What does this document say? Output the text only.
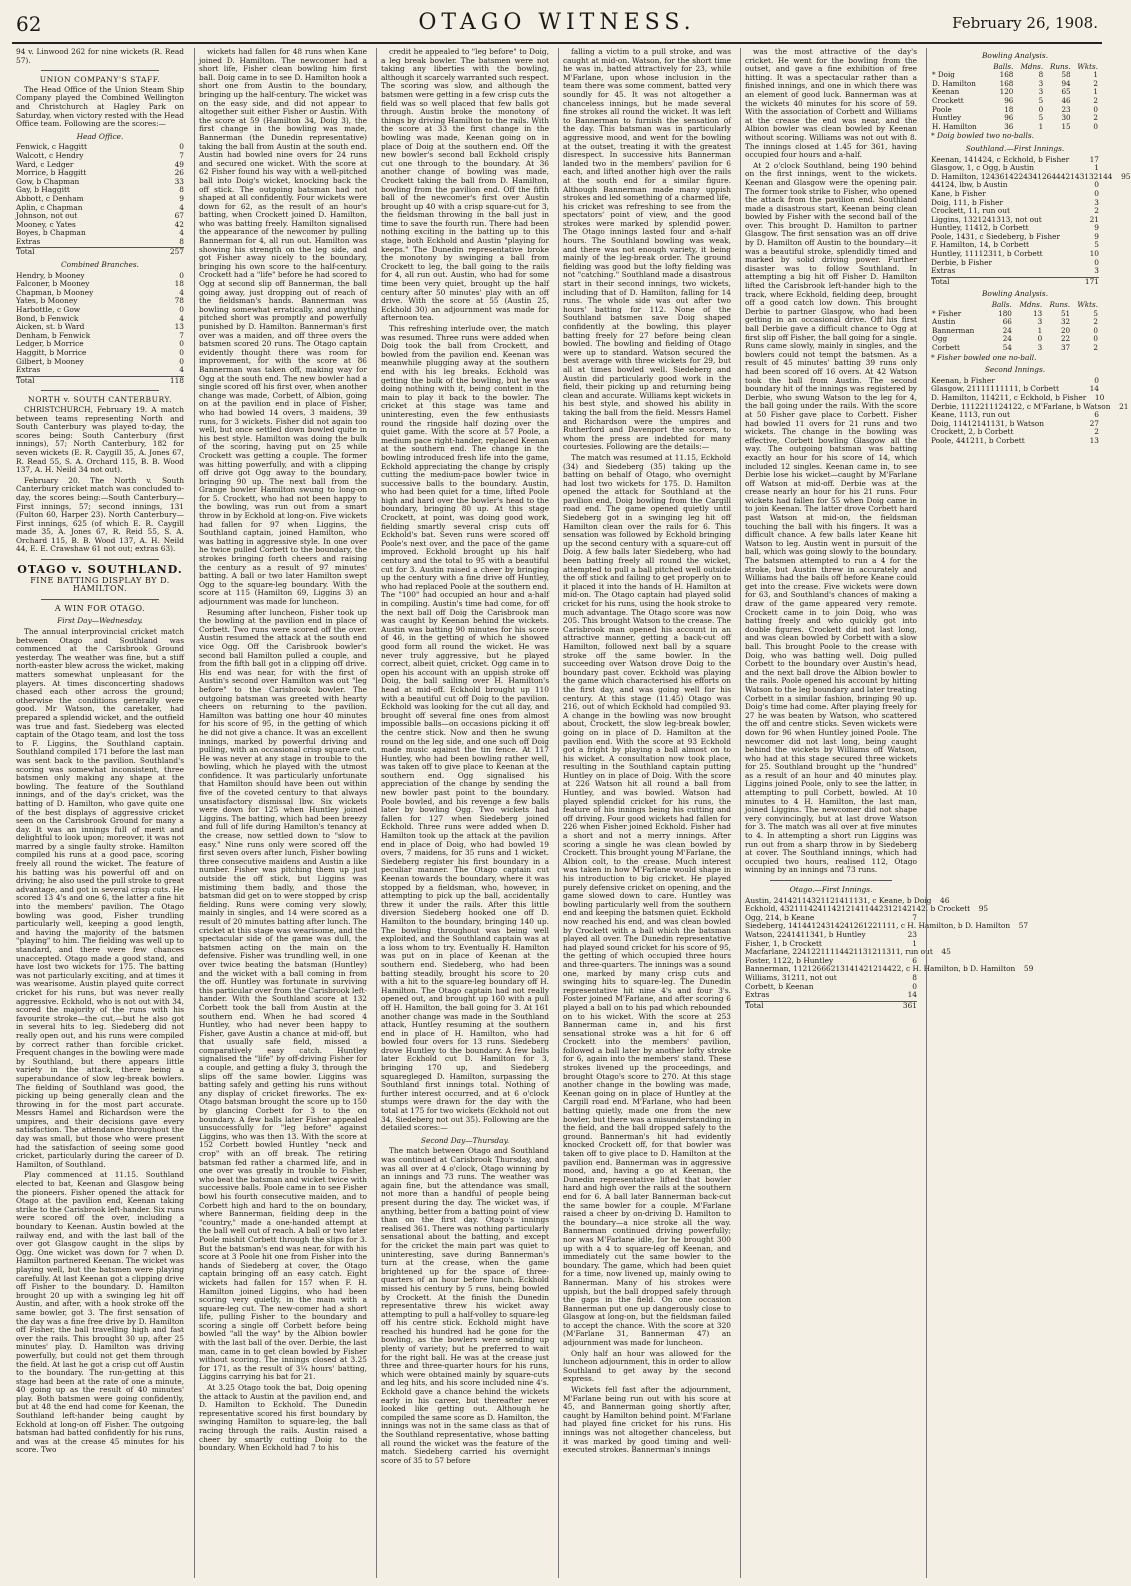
62	OTAGO WITNESS.	February 26, 1908.

94 v. Linwood 262 for nine wickets (R. Read 57).

UNION COMPANY'S STAFF.

The Head Office of the Union Steam Ship Company played the Combined Wellington and Christchurch at Hagley Park on Saturday, when victory rested with the Head Office team. Following are the scores:—

Head Office.
Fenwick, c Haggitt	0
Walcott, c Hendry	7
Ward, c Ledger	49
Morrice, b Haggitt	26
Gow, b Chapman	33
Gay, b Haggitt	8
Abbott, c Denham	9
Aplin, c Chapman	4
Johnson, not out	67
Mooney, c Yates	42
Boyes, b Chapman	4
Extras	8
Total	257
Combined Branches.
Hendry, b Mooney	0
Falconer, b Mooney	18
Chapman, b Mooney	4
Yates, b Mooney	78
Harbottle, c Gow	0
Bond, b Fenwick	4
Aicken, st. b Ward	13
Denham, b Fenwick	7
Ledger, b Morrice	0
Haggitt, b Morrice	0
Gilbert, b Mooney	0
Extras	4
Total	118
NORTH v. SOUTH CANTERBURY.

CHRISTCHURCH, February 19. A match between teams representing North and South Canterbury was played to-day, the scores being: South Canterbury (first innings), 57; North Canterbury, 182 for seven wickets (E. R. Caygill 35, A. Jones 67, R. Read 55, S. A. Orchard 115, B. B. Wood 137, A. H. Neild 34 not out).

February 20. The North v. South Canterbury cricket match was concluded to-day, the scores being:—South Canterbury—First innings, 57; second innings, 131 (Fulton 60, Harper 23). North Canterbury—First innings, 625 (of which E. R. Caygill made 35, A. Jones 67, R. Reid 55, S. A. Orchard 115, B. B. Wood 137, A. H. Neild 44, E. E. Crawshaw 61 not out; extras 63).

OTAGO v. SOUTHLAND.
FINE BATTING DISPLAY BY D. HAMILTON.
A WIN FOR OTAGO.
First Day—Wednesday.

The annual interprovincial cricket match between Otago and Southland was commenced at the Carisbrook Ground yesterday. The weather was fine, but a stiff north-easter blew across the wicket, making matters somewhat unpleasant for the players. At times disconcerting shadows chased each other across the ground; otherwise the conditions generally were good. Mr Watson, the caretaker, had prepared a splendid wicket, and the outfield was true and fast. Siedeberg was elected captain of the Otago team, and lost the toss to F. Liggins, the Southland captain. Southland compiled 171 before the last man was sent back to the pavilion. Southland's scoring was somewhat inconsistent, three batsmen only making any shape at the bowling. The feature of the Southland innings, and of the day's cricket, was the batting of D. Hamilton, who gave quite one of the best displays of aggressive cricket seen on the Carisbrook Ground for many a day. It was an innings full of merit and delightful to look upon; moreover, it was not marred by a single faulty stroke. Hamilton compiled his runs at a good pace, scoring freely all round the wicket. The feature of his batting was his powerful off and on driving; he also used the pull stroke to great advantage, and got in several crisp cuts. He scored 13 4's and one 6, the latter a fine hit into the members' pavilion. The Otago bowling was good, Fisher trundling particularly well, keeping a good length, and having the majority of the batsmen "playing" to him. The fielding was well up to standard, and there were few chances unaccepted. Otago made a good stand, and have lost two wickets for 175. The batting was not particularly exciting, and at times it was wearisome. Austin played quite correct cricket for his runs, but was never really aggressive. Eckhold, who is not out with 34, scored the majority of the runs with his favourite stroke—the cut,—but he also got in several hits to leg. Siedeberg did not really open out, and his runs were compiled by correct rather than forcible cricket. Frequent changes in the bowling were made by Southland, but there appears little variety in the attack, there being a superabundance of slow leg-break bowlers. The fielding of Southland was good, the picking up being generally clean and the throwing in for the most part accurate. Messrs Hamel and Richardson were the umpires, and their decisions gave every satisfaction. The attendance throughout the day was small, but those who were present had the satisfaction of seeing some good cricket, particularly during the career of D. Hamilton, of Southland.

Play commenced at 11.15. Southland elected to bat, Keenan and Glasgow being the pioneers. Fisher opened the attack for Otago at the pavilion end, Keenan taking strike to the Carisbrook left-hander. Six runs were scored off the over, including a boundary to Keenan. Austin bowled at the railway end, and with the last ball of the over got Glasgow caught in the slips by Ogg. One wicket was down for 7 when D. Hamilton partnered Keenan. The wicket was playing well, but the batsmen were playing carefully. At last Keenan got a clipping drive off Fisher to the boundary. D. Hamilton brought 20 up with a swinging leg hit off Austin, and after, with a hook stroke off the same bowler, got 3. The first sensation of the day was a fine free drive by D. Hamilton off Fisher, the ball travelling high and fast over the rails. This brought 30 up, after 25 minutes' play. D. Hamilton was driving powerfully, but could not get them through the field. At last he got a crisp cut off Austin to the boundary. The run-getting at this stage had been at the rate of one a minute, 40 going up as the result of 40 minutes' play. Both batsmen were going confidently, but at 48 the end had come for Keenan, the Southland left-hander being caught by Eckhold at long-on off Fisher. The outgoing batsman had batted confidently for his runs, and was at the crease 45 minutes for his score. Two

wickets had fallen for 48 runs when Kane joined D. Hamilton. The newcomer had a short life, Fisher clean bowling him first ball. Doig came in to see D. Hamilton hook a short one from Austin to the boundary, bringing up the half-century. The wicket was on the easy side, and did not appear to altogether suit either Fisher or Austin. With the score at 59 (Hamilton 34, Doig 3), the first change in the bowling was made, Bannerman (the Dunedin representative) taking the ball from Austin at the south end. Austin had bowled nine overs for 24 runs and secured one wicket. With the score at 62 Fisher found his way with a well-pitched ball into Doig's wicket, knocking back the off stick. The outgoing batsman had not shaped at all confidently. Four wickets were down for 62, as the result of an hour's batting, when Crockett joined D. Hamilton, who was batting freely. Hamilton signalised the appearance of the newcomer by pulling Bannerman for 4, all run out. Hamilton was showing his strength on the leg side, and got Fisher away nicely to the boundary, bringing his own score to the half-century. Crockett had a "life" before he had scored to Ogg at second slip off Bannerman, the ball going away, just dropping out of reach of the fieldsman's hands. Bannerman was bowling somewhat erratically, and anything pitched short was promptly and powerfully punished by D. Hamilton. Bannerman's first over was a maiden, and off three overs the batsmen scored 20 runs. The Otago captain evidently thought there was room for improvement, for with the score at 86 Bannerman was taken off, making way for Ogg at the south end. The new bowler had a single scored off his first over, when another change was made, Corbett, of Albion, going on at the pavilion end in place of Fisher, who had bowled 14 overs, 3 maidens, 39 runs, for 3 wickets. Fisher did not again too well, but once settled down bowled quite in his best style. Hamilton was doing the bulk of the scoring, having put on 25 while Crockett was getting a couple. The former was hitting powerfully, and with a clipping off drive got Ogg away to the boundary, bringing 90 up. The next ball from the Grange bowler Hamilton swung to long-on for 5. Crockett, who had not been happy to the bowling, was run out from a smart throw in by Eckhold at long-on. Five wickets had fallen for 97 when Liggins, the Southland captain, joined Hamilton, who was batting in aggressive style. In one over he twice pulled Corbett to the boundary, the strokes bringing forth cheers and raising the century as a result of 97 minutes' batting. A ball or two later Hamilton swept Ogg to the square-leg boundary. With the score at 115 (Hamilton 69, Liggins 3) an adjournment was made for luncheon.

Resuming after luncheon, Fisher took up the bowling at the pavilion end in place of Corbett. Two runs were scored off the over. Austin resumed the attack at the south end vice Ogg. Off the Carisbrook bowler's second ball Hamilton pulled a couple, and from the fifth ball got in a clipping off drive. His end was near, for with the first of Austin's second over Hamilton was out "leg before" to the Carisbrook bowler. The outgoing batsman was greeted with hearty cheers on returning to the pavilion. Hamilton was batting one hour 40 minutes for his score of 95, in the getting of which he did not give a chance. It was an excellent innings, marked by powerful driving and pulling, with an occasional crisp square cut. He was never at any stage in trouble to the bowling, which he played with the utmost confidence. It was particularly unfortunate that Hamilton should have been out within five of the coveted century to that always unsatisfactory dismissal lbw. Six wickets were down for 125 when Huntley joined Liggins. The batting, which had been breezy and full of life during Hamilton's tenancy at the crease, now settled down to "slow to easy." Nine runs only were scored off the first seven overs after lunch, Fisher bowling three consecutive maidens and Austin a like number. Fisher was pitching them up just outside the off stick, but Liggins was mistiming them badly, and those the batsman did get on to were stopped by crisp fielding. Runs were coming very slowly, mainly in singles, and 14 were scored as a result of 20 minutes batting after lunch. The cricket at this stage was wearisome, and the spectacular side of the game was dull, the batsmen acting on the main on the defensive. Fisher was trundling well, in one over twice beating the batsman (Huntley) and the wicket with a ball coming in from the off. Huntley was fortunate in surviving this particular over from the Carisbrook left-hander. With the Southland score at 132 Corbett took the ball from Austin at the southern end. When he had scored 4 Huntley, who had never been happy to Fisher, gave Austin a chance at mid-off, but that usually safe field, missed a comparatively easy catch. Huntley signalised the "life" by off-driving Fisher for a couple, and getting a fluky 3, through the slips off the same bowler. Liggins was batting safely and getting his runs without any display of cricket fireworks. The ex-Otago batsman brought the score up to 150 by glancing Corbett for 3 to the on boundary. A few balls later Fisher appealed unsuccessfully for "leg before" against Liggins, who was then 13. With the score at 152 Corbett bowled Huntley "neck and crop" with an off break. The retiring batsman fed rather a charmed life, and in one over was greatly in trouble to Fisher, who beat the batsman and wicket twice with successive balls. Poole came in to see Fisher bowl his fourth consecutive maiden, and to Corbett high and hard to the on boundary, where Bannerman, fielding deep in the "country," made a one-handed attempt at the ball well out of reach. A ball or two later Poole mishit Corbett through the slips for 3. But the batsman's end was near, for with his score at 3 Poole hit one from Fisher into the hands of Siedeberg at cover, the Otago captain bringing off an easy catch. Eight wickets had fallen for 157 when F. H. Hamilton joined Liggins, who had been scoring very quietly, in the main with a square-leg cut. The new-comer had a short life, pulling Fisher to the boundary and scoring a single off Corbett before being bowled "all the way" by the Albion bowler with the last ball of the over. Derbie, the last man, came in to get clean bowled by Fisher without scoring. The innings closed at 3.25 for 171, as the result of 3¼ hours' batting, Liggins carrying his bat for 21.

At 3.25 Otago took the bat, Doig opening the attack to Austin at the pavilion end, and D. Hamilton to Eckhold. The Dunedin representative scored his first boundary by swinging Hamilton to square-leg, the ball racing through the rails. Austin raised a cheer by smartly cutting Doig to the boundary. When Eckhold had 7 to his

credit he appealed to "leg before" to Doig, a leg break bowler. The batsmen were not taking any liberties with the bowling, although it scarcely warranted such respect. The scoring was slow, and although the batsmen were getting in a few crisp cuts the field was so well placed that few balls got through. Austin broke the monotony of things by driving Hamilton to the rails. With the score at 33 the first change in the bowling was made, Keenan going on in place of Doig at the southern end. Off the new bowler's second ball Eckhold crisply cut one through to the boundary. At 36 another change of bowling was made, Crockett taking the ball from D. Hamilton, bowling from the pavilion end. Off the fifth ball of the newcomer's first over Austin brought up 40 with a crisp square-cut for 3, the fieldsman throwing in the ball just in time to save the fourth run. There had been nothing exciting in the batting up to this stage, both Eckhold and Austin "playing for keeps." The Dunedin representative broke the monotony by swinging a ball from Crockett to leg, the ball going to the rails for 4, all run out. Austin, who had for some time been very quiet, brought up the half century after 50 minutes' play with an off drive. With the score at 55 (Austin 25, Eckhold 30) an adjournment was made for afternoon tea.

This refreshing interlude over, the match was resumed. Three runs were added when Doig took the ball from Crockett, and bowled from the pavilion end. Keenan was meanwhile plugging away at the southern end with his leg breaks. Eckhold was getting the bulk of the bowling, but he was doing nothing with it, being content in the main to play it back to the bowler. The cricket at this stage was tame and uninteresting, even the few enthusiasts round the ringside half dozing over the quiet game. With the score at 57 Poole, a medium pace right-hander, replaced Keenan at the southern end. The change in the bowling introduced fresh life into the game, Eckhold appreciating the change by crisply cutting the medium-pace bowler twice in successive balls to the boundary. Austin, who had been quiet for a time, lifted Poole high and hard over the bowler's head to the boundary, bringing 80 up. At this stage Crockett, at point, was doing good work, fielding smartly several crisp cuts off Eckhold's bat. Seven runs were scored off Poole's next over, and the pace of the game improved. Eckhold brought up his half century and the total to 95 with a beautiful cut for 3. Austin raised a cheer by bringing up the century with a fine drive off Huntley, who had replaced Poole at the southern end. The "100" had occupied an hour and a-half in compiling. Austin's time had come, for off the next ball off Doig the Carisbrook man was caught by Keenan behind the wickets. Austin was batting 90 minutes for his score of 46, in the getting of which he showed good form all round the wicket. He was never truly aggressive, but he played correct, albeit quiet, cricket. Ogg came in to open his account with an uppish stroke off Doig, the ball sailing over H. Hamilton's head at mid-off. Eckhold brought up 110 with a beautiful cut off Doig to the pavilion. Eckhold was looking for the cut all day, and brought off several fine ones from almost impossible balls—on occasions picking it off the centre stick. Now and then he swung round on the leg side, and one such off Doig made music against the tin fence. At 117 Huntley, who had been bowling rather well, was taken off to give place to Keenan at the southern end. Ogg signalised his appreciation of the change by sending the new bowler past point to the boundary. Poole bowled, and his revenge a few balls later by bowling Ogg. Two wickets had fallen for 127 when Siedeberg joined Eckhold. Three runs were added when D. Hamilton took up the attack at the pavilion end in place of Doig, who had bowled 19 overs, 7 maidens, for 35 runs and 1 wicket. Siedeberg register his first boundary in a peculiar manner. The Otago captain cut Keenan towards the boundary, where it was stopped by a fieldsman, who, however, in attempting to pick up the ball, accidentally threw it under the rails. After this little diversion Siedeberg hooked one off D. Hamilton to the boundary, bringing 140 up. The bowling throughout was being well exploited, and the Southland captain was at a loss whom to try. Eventually H. Hamilton was put on in place of Keenan at the southern end. Siedeberg, who had been batting steadily, brought his score to 20 with a hit to the square-leg boundary off H. Hamilton. The Otago captain had not really opened out, and brought up 160 with a pull off H. Hamilton, the ball going for 3. At 161 another change was made in the Southland attack, Huntley resuming at the southern end in place of H. Hamilton, who had bowled four overs for 13 runs. Siedeberg drove Huntley to the boundary. A few balls later Eckhold cut D. Hamilton for 3, bringing 170 up, and Siedeberg squaregleged D. Hamilton, surpassing the Southland first innings total. Nothing of further interest occurred, and at 6 o'clock stumps were drawn for the day with the total at 175 for two wickets (Eckhold not out 34, Siedeberg not out 35). Following are the detailed scores:—

Second Day—Thursday.

The match between Otago and Southland was continued at Carisbrook Thursday, and was all over at 4 o'clock, Otago winning by an innings and 73 runs. The weather was again fine, but the attendance was small, not more than a handful of people being present during the day. The wicket was, if anything, better from a batting point of view than on the first day. Otago's innings realised 361. There was nothing particularly sensational about the batting, and except for the cricket the main part was quiet to uninteresting, save during Bannerman's turn at the crease, when the game brightened up for the space of three-quarters of an hour before lunch. Eckhold missed his century by 5 runs, being bowled by Crockett. At the finish the Dunedin representative threw his wicket away attempting to pull a half-volley to square-leg off his centre stick. Eckhold might have reached his hundred had he gone for the bowling, as the bowlers were sending up plenty of variety; but he preferred to wait for the right ball. He was at the crease just three and three-quarter hours for his runs, which were obtained mainly by square-cuts and leg hits, and his score included nine 4's. Eckhold gave a chance behind the wickets early in his career, but thereafter never looked like getting out. Although he compiled the same score as D. Hamilton, the innings was not in the same class as that of the Southland representative, whose batting all round the wicket was the feature of the match. Siedeberg carried his overnight score of 35 to 57 before

falling a victim to a pull stroke, and was caught at mid-on. Watson, for the short time he was in, batted attractively for 23, while M'Farlane, upon whose inclusion in the team there was some comment, batted very soundly for 45. It was not altogether a chanceless innings, but he made several fine strokes all round the wicket. It was left to Bannerman to furnish the sensation of the day. This batsman was in particularly aggressive mood, and went for the bowling at the outset, treating it with the greatest disrespect. In successive hits Bannerman landed two in the members' pavilion for 6 each, and lifted another high over the rails at the south end for a similar figure. Although Bannerman made many uppish strokes and led something of a charmed life, his cricket was refreshing to see from the spectators' point of view, and the good strokes were marked by splendid power. The Otago innings lasted four and a-half hours. The Southland bowling was weak, and there was not enough variety, it being mainly of the leg-break order. The ground fielding was good but the lofty fielding was not "catching." Southland made a disastrous start in their second innings, two wickets, including that of D. Hamilton, falling for 14 runs. The whole side was out after two hours' batting for 112. None of the Southland batsmen save Doig shaped confidently at the bowling, this player batting freely for 27 before being clean bowled. The bowling and fielding of Otago were up to standard. Watson secured the best average with three wickets for 29, but all at times bowled well. Siedeberg and Austin did particularly good work in the field, their picking up and returning being clean and accurate. Williams kept wickets in his best style, and showed his ability in taking the ball from the field. Messrs Hamel and Richardson were the umpires and Rutherford and Davenport the scorers, to whom the press are indebted for many courtesies. Following are the details:—

The match was resumed at 11.15, Eckhold (34) and Siedeberg (35) taking up the batting on behalf of Otago, who overnight had lost two wickets for 175. D. Hamilton opened the attack for Southland at the pavilion end, Doig bowling from the Cargill road end. The game opened quietly until Siedeberg got in a swinging leg hit off Hamilton clean over the rails for 6. This sensation was followed by Eckhold bringing up the second century with a square-cut off Doig. A few balls later Siedeberg, who had been batting freely all round the wicket, attempted to pull a ball pitched well outside the off stick and failing to get properly on to it placed it into the hands of H. Hamilton at mid-on. The Otago captain had played solid cricket for his runs, using the hook stroke to much advantage. The Otago score was now 205. This brought Watson to the crease. The Carisbrook man opened his account in an attractive manner, getting a back-cut off Hamilton, followed next ball by a square stroke off the same bowler. In the succeeding over Watson drove Doig to the boundary past cover. Eckhold was playing the game which characterised his efforts on the first day, and was going well for his century. At this stage (11.45) Otago was 216, out of which Eckhold had compiled 93. A change in the bowling was now brought about, Crockett, the slow leg-break bowler, going on in place of D. Hamilton at the pavilion end. With the score at 93 Eckhold got a fright by playing a ball almost on to his wicket. A consultation now took place, resulting in the Southland captain putting Huntley on in place of Doig. With the score at 226 Watson hit all round a ball from Huntley, and was bowled. Watson had played splendid cricket for his runs, the feature of his innings being his cutting and off driving. Four good wickets had fallen for 226 when Fisher joined Eckhold. Fisher had a short and not a merry innings. After scoring a single he was clean bowled by Crockett. This brought young M'Farlane, the Albion colt, to the crease. Much interest was taken in how M'Farlane would shape in his introduction to big cricket. He played purely defensive cricket on opening, and the game slowed down to care. Huntley was bowling particularly well from the southern end and keeping the batsmen quiet. Eckhold now reached his end, and was clean bowled by Crockett with a ball which the batsman played all over. The Dunedin representative had played sound cricket for his score of 95, the getting of which occupied three hours and three-quarters. The innings was a sound one, marked by many crisp cuts and swinging hits to square-leg. The Dunedin representative hit nine 4's and four 3's. Foster joined M'Farlane, and after scoring 6 played a ball on to his pad which rebounded on to his wicket. With the score at 253 Bannerman came in, and his first sensational stroke was a hit for 6 off Crockett into the members' pavilion, followed a ball later by another lofty stroke for 6, again into the members' stand. These strokes livened up the proceedings, and brought Otago's score to 270. At this stage another change in the bowling was made, Keenan going on in place of Huntley at the Cargill road end. M'Farlane, who had been batting quietly, made one from the new bowler, but there was a misunderstanding in the field, and the ball dropped safely to the ground. Bannerman's hit had evidently knocked Crockett off, for that bowler was taken off to give place to D. Hamilton at the pavilion end. Bannerman was in aggressive mood, and, having a go at Keenan, the Dunedin representative lifted that bowler hard and high over the rails at the southern end for 6. A ball later Bannerman back-cut the same bowler for a couple. M'Farlane raised a cheer by on-driving D. Hamilton to the boundary—a nice stroke all the way. Bannerman continued driving powerfully; nor was M'Farlane idle, for he brought 300 up with a 4 to square-leg off Keenan, and immediately cut the same bowler to the boundary. The game, which had been quiet for a time, now livened up, mainly owing to Bannerman. Many of his strokes were uppish, but the ball dropped safely through the gaps in the field. On one occasion Bannerman put one up dangerously close to Glasgow at long-on, but the fieldsman failed to accept the chance. With the score at 320 (M'Farlane 31, Bannerman 47) an adjournment was made for luncheon.

Only half an hour was allowed for the luncheon adjournment, this in order to allow Southland to get away by the second express.

Wickets fell fast after the adjournment, M'Farlane being run out with his score at 45, and Bannerman going shortly after, caught by Hamilton behind point. M'Farlane had played fine cricket for his runs. His innings was not altogether chanceless, but it was marked by good timing and well-executed strokes. Bannerman's innings

was the most attractive of the day's cricket. He went for the bowling from the outset, and gave a fine exhibition of free hitting. It was a spectacular rather than a finished innings, and one in which there was an element of good luck. Bannerman was at the wickets 40 minutes for his score of 59. With the association of Corbett and Williams at the crease the end was near, and the Albion bowler was clean bowled by Keenan without scoring. Williams was not out with 8. The innings closed at 1.45 for 361, having occupied four hours and a-half.

At 2 o'clock Southland, being 190 behind on the first innings, went to the wickets. Keenan and Glasgow were the opening pair. The former took strike to Fisher, who opened the attack from the pavilion end. Southland made a disastrous start, Keenan being clean bowled by Fisher with the second ball of the over. This brought D. Hamilton to partner Glasgow. The first sensation was an off drive by D. Hamilton off Austin to the boundary—it was a beautiful stroke, splendidly timed and marked by solid driving power. Further disaster was to follow Southland. In attempting a big hit off Fisher D. Hamilton lifted the Carisbrook left-hander high to the track, where Eckhold, fielding deep, brought off a good catch low down. This brought Derbie to partner Glasgow, who had been getting in an occasional drive. Off his first ball Derbie gave a difficult chance to Ogg at first slip off Fisher, the ball going for a single. Runs came slowly, mainly in singles, and the bowlers could not tempt the batsmen. As a result of 45 minutes' batting 39 runs only had been scored off 16 overs. At 42 Watson took the ball from Austin. The second boundary hit of the innings was registered by Derbie, who swung Watson to the leg for 4, the ball going under the rails. With the score at 50 Fisher gave place to Corbett. Fisher had bowled 11 overs for 21 runs and two wickets. The change in the bowling was effective, Corbett bowling Glasgow all the way. The outgoing batsman was batting exactly an hour for his score of 14, which included 12 singles. Keenan came in, to see Derbie lose his wicket—caught by M'Farlane off Watson at mid-off. Derbie was at the crease nearly an hour for his 21 runs. Four wickets had fallen for 55 when Doig came in to join Keenan. The latter drove Corbett hard past Watson at mid-on, the fieldsman touching the ball with his fingers. It was a difficult chance. A few balls later Keane hit Watson to leg. Austin went in pursuit of the ball, which was going slowly to the boundary. The batsmen attempted to run a 4 for the stroke, but Austin threw in accurately and Williams had the bails off before Keane could get into the crease. Five wickets were down for 63, and Southland's chances of making a draw of the game appeared very remote. Crockett came in to join Doig, who was batting freely and who quickly got into double figures. Crockett did not last long, and was clean bowled by Corbett with a slow ball. This brought Poole to the crease with Doig, who was batting well. Doig pulled Corbett to the boundary over Austin's head, and the next ball drove the Albion bowler to the rails. Poole opened his account by hitting Watson to the leg boundary and later treating Corbett in a similar fashion, bringing 90 up. Doig's time had come. After playing freely for 27 he was beaten by Watson, who scattered the off and centre sticks. Seven wickets were down for 96 when Huntley joined Poole. The newcomer did not last long, being caught behind the wickets by Williams off Watson, who had at this stage secured three wickets for 25. Southland brought up the "hundred" as a result of an hour and 40 minutes play. Liggins joined Poole, only to see the latter, in attempting to pull Corbett, bowled. At 10 minutes to 4 H. Hamilton, the last man, joined Liggins. The newcomer did not shape very convincingly, but at last drove Watson for 3. The match was all over at five minutes to 4. In attempting a short run Liggins was run out from a sharp throw in by Siedeberg at cover. The Southland innings, which had occupied two hours, realised 112, Otago winning by an innings and 73 runs.

Otago.—First Innings.
Austin, 24142114321121411131, c Keane, b Doig	46
Eckhold, 4321114241142121411442312142142, b Crockett	95
Ogg, 214, b Keane	7
Siedeberg, 14144124314241261221111, c H. Hamilton, b D. Hamilton	57
Watson, 2241411341, b Huntley	23
Fisher, 1, b Crockett	1
Macfarlane, 22412211114421131211311, run out	45
Foster, 1122, b Huntley	6
Bannerman, 11212666213141421214422, c H. Hamilton, b D. Hamilton	59
Williams, 31211, not out	8
Corbett, b Keenan	0
Extras	14
Total	361
Bowling Analysis.
	Balls.	Mdns.	Runs.	Wkts.
* Doig	168	8	58	1
D. Hamilton	168	3	94	2
Keenan	120	3	65	1
Crockett	96	5	46	2
Poole	18	0	23	0
Huntley	96	5	30	2
H. Hamilton	36	1	15	0
* Doig bowled two no-balls.
Southland.—First Innings.
Keenan, 141424, c Eckhold, b Fisher	17
Glasgow, 1, c Ogg, b Austin	1
D. Hamilton, 1243614224341264442143132144	95
44124, lbw, b Austin	0
Kane, b Fisher	0
Doig, 111, b Fisher	3
Crockett, 11, run out	2
Liggins, 1321241313, not out	21
Huntley, 11412, b Corbett	9
Poole, 1431, c Siedeberg, b Fisher	9
F. Hamilton, 14, b Corbett	5
Huntley, 11112311, b Corbett	10
Derbie, b Fisher	0
Extras	3
Total	171
Bowling Analysis.
	Balls.	Mdns.	Runs.	Wkts.
* Fisher	180	13	51	5
Austin	66	3	32	2
Bannerman	24	1	20	0
Ogg	24	0	22	0
Corbett	54	3	37	2
* Fisher bowled one no-ball.
Second Innings.
Keenan, b Fisher	0
Glasgow, 21111111111, b Corbett	14
D. Hamilton, 114211, c Eckhold, b Fisher	10
Derbie, 1112211124122, c M'Farlane, b Watson	21
Keane, 1113, run out	6
Doig, 11412141131, b Watson	27
Crockett, 2, b Corbett	2
Poole, 441211, b Corbett	13
